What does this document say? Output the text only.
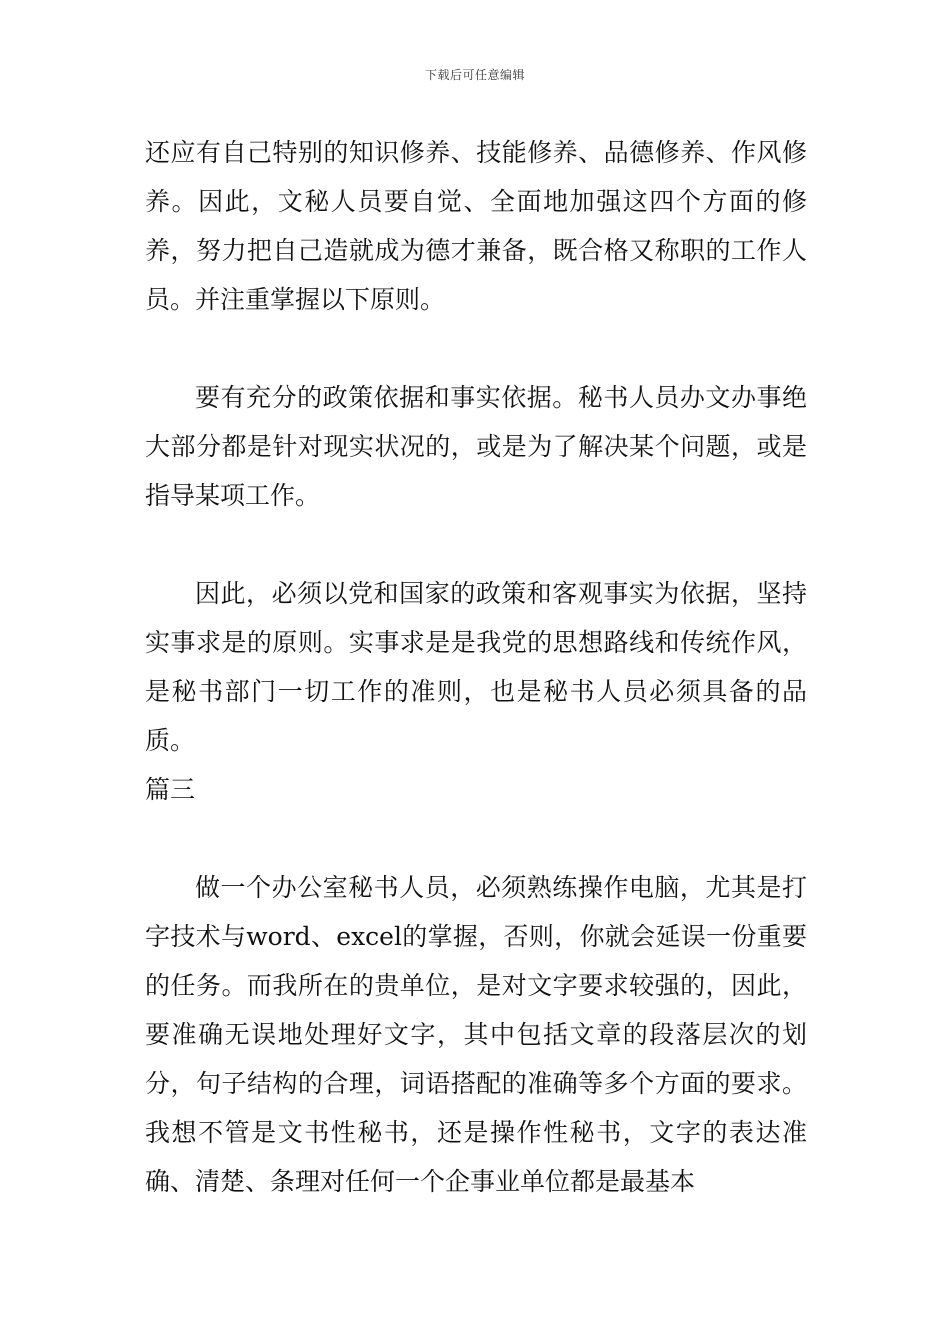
下载后可任意编辑

还应有自己特别的知识修养、技能修养、品德修养、作风修养。因此，文秘人员要自觉、全面地加强这四个方面的修养，努力把自己造就成为德才兼备，既合格又称职的工作人员。并注重掌握以下原则。

要有充分的政策依据和事实依据。秘书人员办文办事绝大部分都是针对现实状况的，或是为了解决某个问题，或是指导某项工作。

因此，必须以党和国家的政策和客观事实为依据，坚持实事求是的原则。实事求是是我党的思想路线和传统作风，是秘书部门一切工作的准则，也是秘书人员必须具备的品质。

篇三

做一个办公室秘书人员，必须熟练操作电脑，尤其是打字技术与word、excel的掌握，否则，你就会延误一份重要的任务。而我所在的贵单位，是对文字要求较强的，因此，要准确无误地处理好文字，其中包括文章的段落层次的划分，句子结构的合理，词语搭配的准确等多个方面的要求。我想不管是文书性秘书，还是操作性秘书，文字的表达准确、清楚、条理对任何一个企事业单位都是最基本
